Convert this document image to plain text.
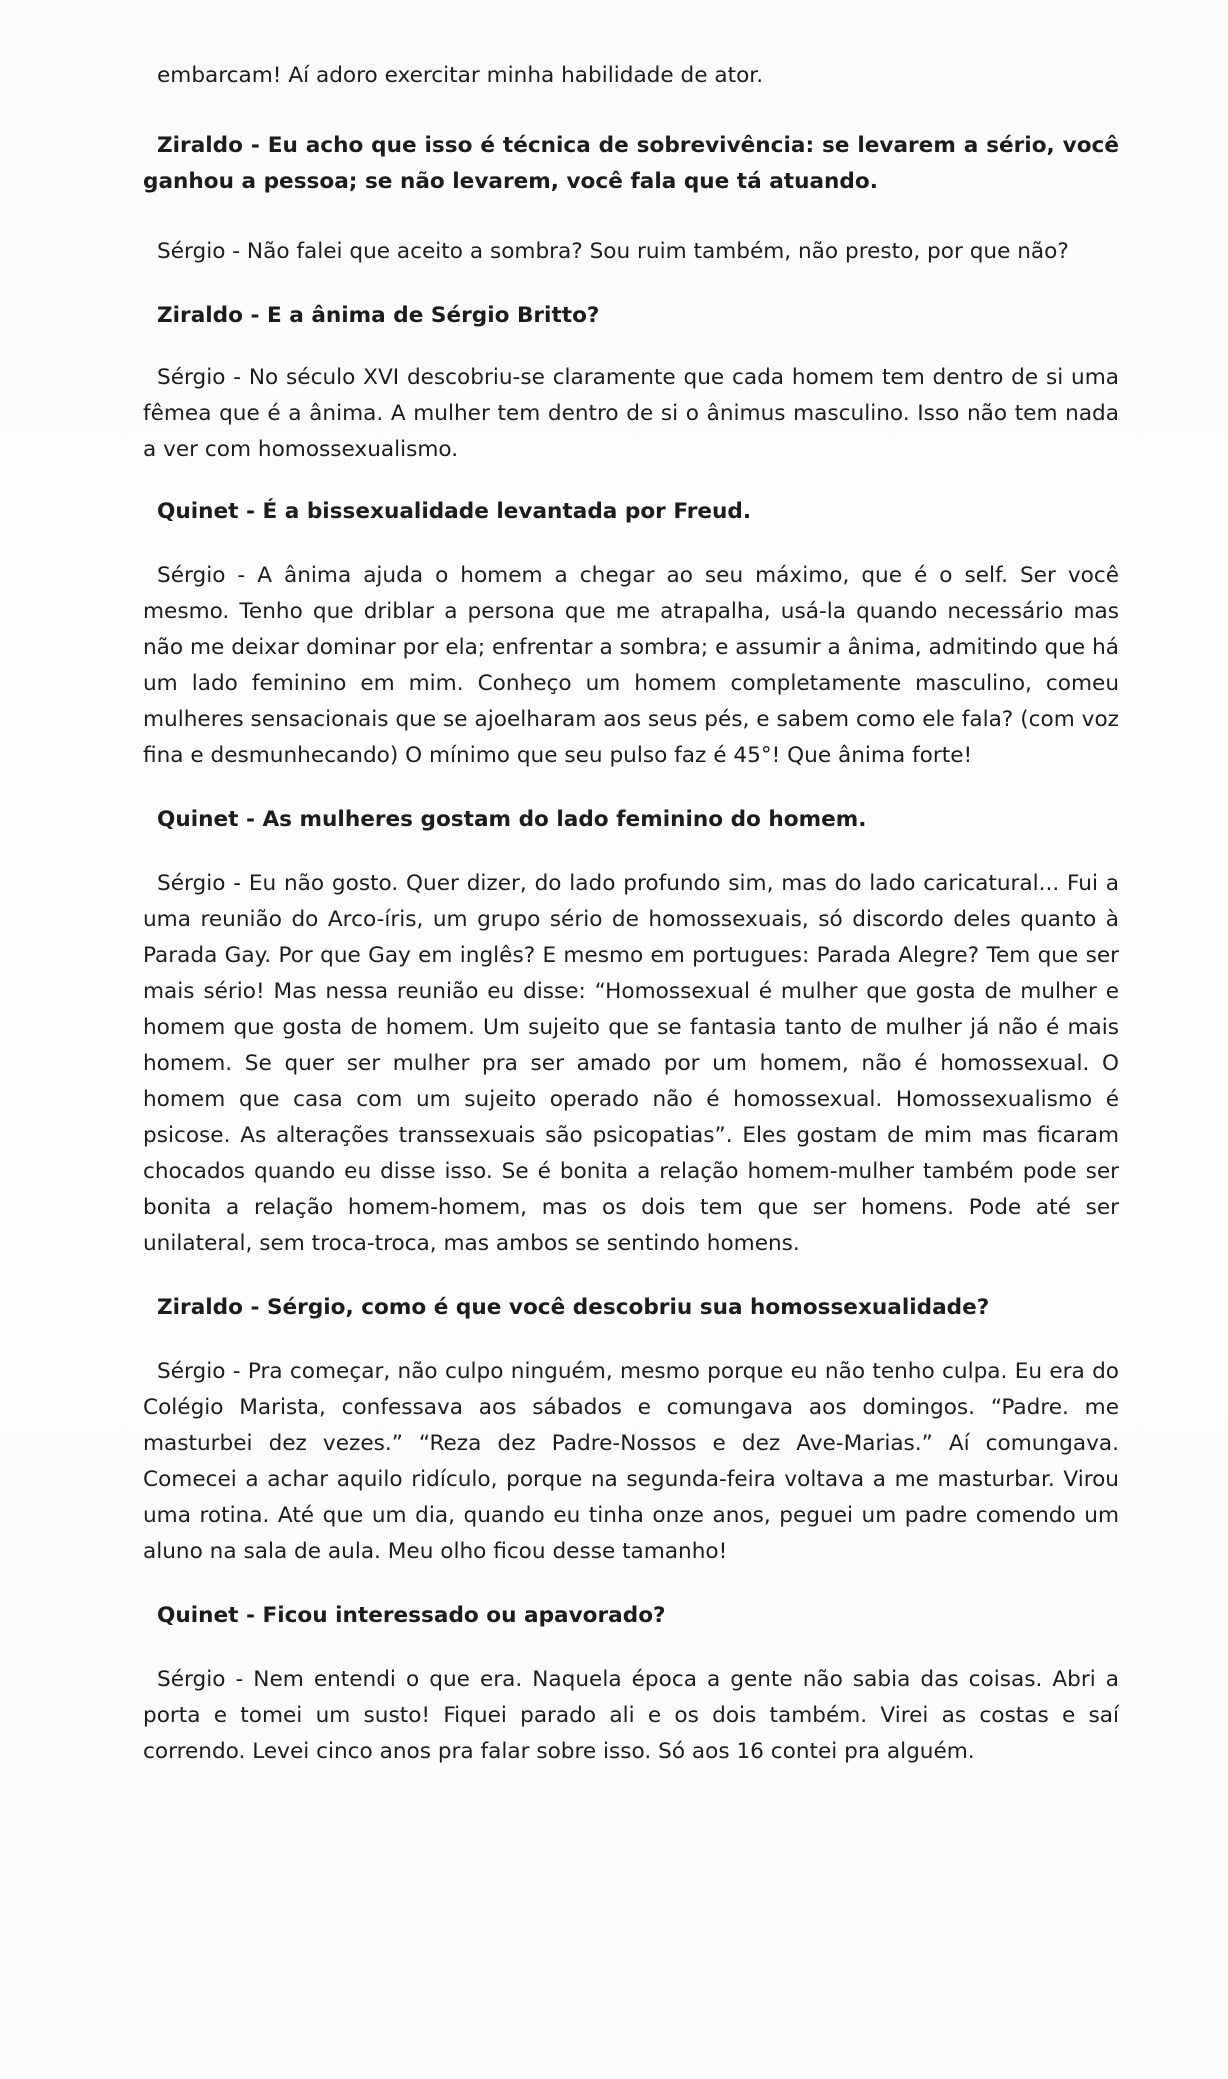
embarcam! Aí adoro exercitar minha habilidade de ator.

Ziraldo - Eu acho que isso é técnica de sobrevivência: se levarem a sério, você ganhou a pessoa; se não levarem, você fala que tá atuando.

Sérgio - Não falei que aceito a sombra? Sou ruim também, não presto, por que não?

Ziraldo - E a ânima de Sérgio Britto?

Sérgio - No século XVI descobriu-se claramente que cada homem tem dentro de si uma fêmea que é a ânima. A mulher tem dentro de si o ânimus masculino. Isso não tem nada a ver com homossexualismo.

Quinet - É a bissexualidade levantada por Freud.

Sérgio - A ânima ajuda o homem a chegar ao seu máximo, que é o self. Ser você mesmo. Tenho que driblar a persona que me atrapalha, usá-la quando necessário mas não me deixar dominar por ela; enfrentar a sombra; e assumir a ânima, admitindo que há um lado feminino em mim. Conheço um homem completamente masculino, comeu mulheres sensacionais que se ajoelharam aos seus pés, e sabem como ele fala? (com voz fina e desmunhecando) O mínimo que seu pulso faz é 45°! Que ânima forte!

Quinet - As mulheres gostam do lado feminino do homem.

Sérgio - Eu não gosto. Quer dizer, do lado profundo sim, mas do lado caricatural... Fui a uma reunião do Arco-íris, um grupo sério de homossexuais, só discordo deles quanto à Parada Gay. Por que Gay em inglês? E mesmo em portugues: Parada Alegre? Tem que ser mais sério! Mas nessa reunião eu disse: “Homossexual é mulher que gosta de mulher e homem que gosta de homem. Um sujeito que se fantasia tanto de mulher já não é mais homem. Se quer ser mulher pra ser amado por um homem, não é homossexual. O homem que casa com um sujeito operado não é homossexual. Homossexualismo é psicose. As alterações transsexuais são psicopatias”. Eles gostam de mim mas ficaram chocados quando eu disse isso. Se é bonita a relação homem-mulher também pode ser bonita a relação homem-homem, mas os dois tem que ser homens. Pode até ser unilateral, sem troca-troca, mas ambos se sentindo homens.

Ziraldo - Sérgio, como é que você descobriu sua homossexualidade?

Sérgio - Pra começar, não culpo ninguém, mesmo porque eu não tenho culpa. Eu era do Colégio Marista, confessava aos sábados e comungava aos domingos. “Padre. me masturbei dez vezes.” “Reza dez Padre-Nossos e dez Ave-Marias.” Aí comungava. Comecei a achar aquilo ridículo, porque na segunda-feira voltava a me masturbar. Virou uma rotina. Até que um dia, quando eu tinha onze anos, peguei um padre comendo um aluno na sala de aula. Meu olho ficou desse tamanho!

Quinet - Ficou interessado ou apavorado?

Sérgio - Nem entendi o que era. Naquela época a gente não sabia das coisas. Abri a porta e tomei um susto! Fiquei parado ali e os dois também. Virei as costas e saí correndo. Levei cinco anos pra falar sobre isso. Só aos 16 contei pra alguém.
